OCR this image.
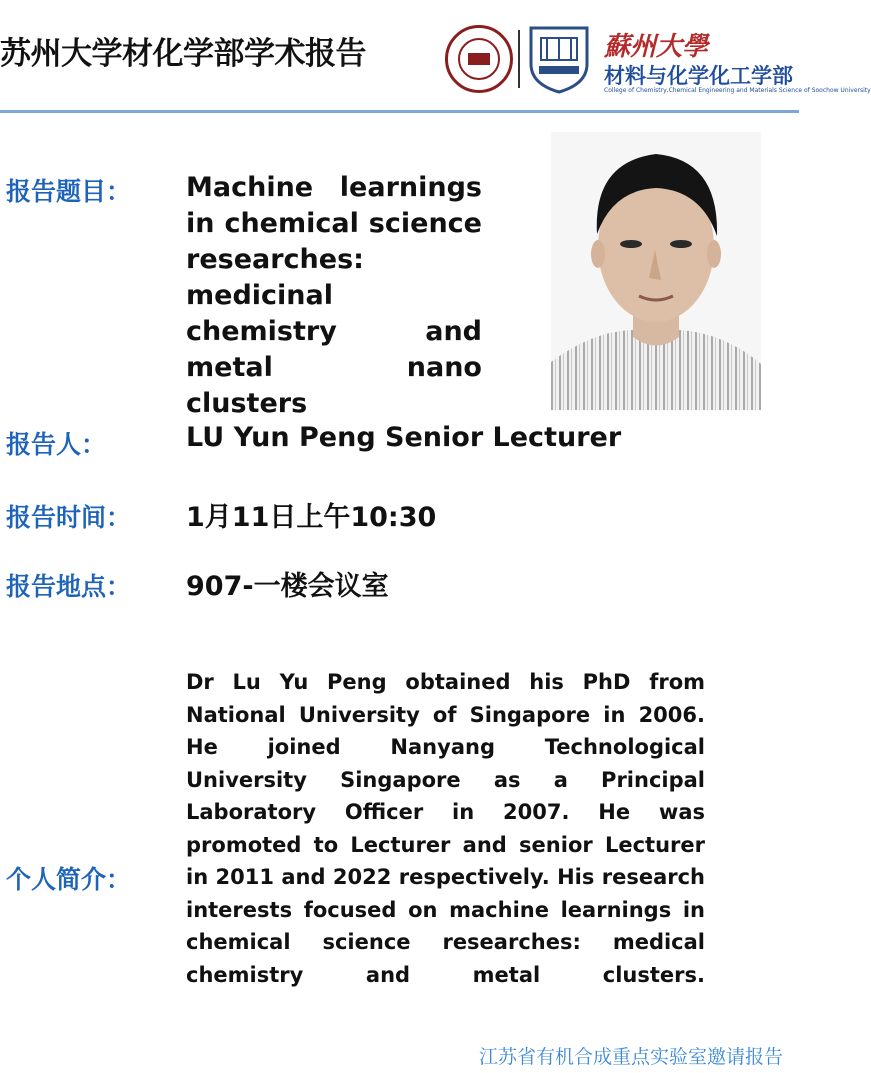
苏州大学材化学部学术报告	蘇州大學
材料与化学化工学部
College of Chemistry,Chemical Engineering and Materials Science of Soochow University
报告题目： Machine learnings in chemical science researches: medicinal chemistry and metal nano clusters
报告人：	LU Yun Peng Senior Lecturer
报告时间： 1月11日上午10:30
报告地点： 907-一楼会议室
个人简介：
Dr Lu Yu Peng obtained his PhD from National University of Singapore in 2006. He joined Nanyang Technological University Singapore as a Principal Laboratory Officer in 2007. He was promoted to Lecturer and senior Lecturer in 2011 and 2022 respectively. His research interests focused on machine learnings in chemical science researches: medical chemistry and metal clusters.
江苏省有机合成重点实验室邀请报告
